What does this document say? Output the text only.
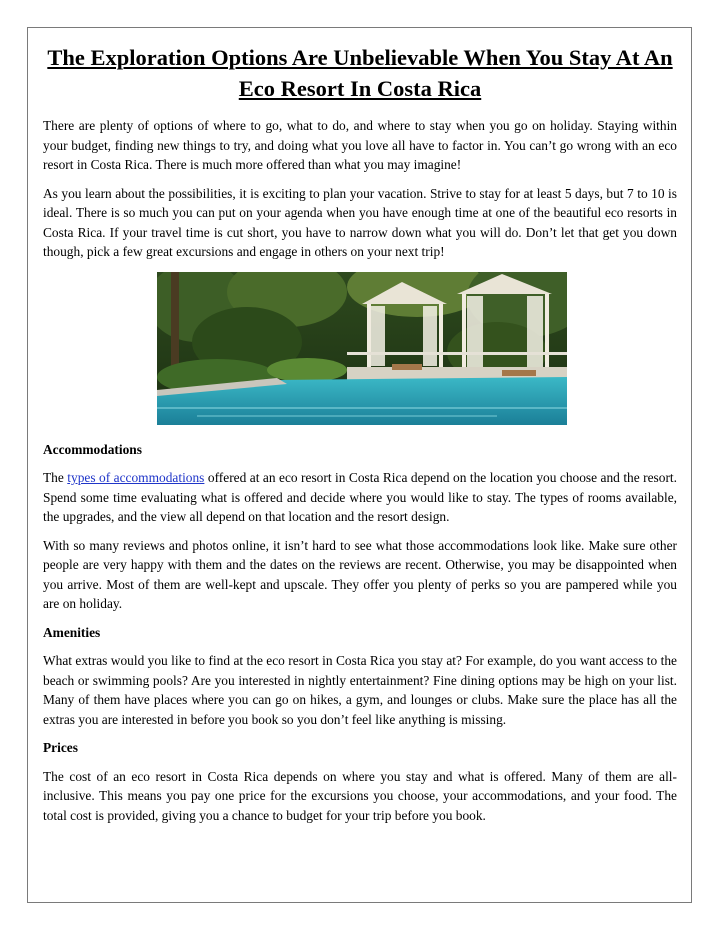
The Exploration Options Are Unbelievable When You Stay At An Eco Resort In Costa Rica

There are plenty of options of where to go, what to do, and where to stay when you go on holiday. Staying within your budget, finding new things to try, and doing what you love all have to factor in. You can’t go wrong with an eco resort in Costa Rica. There is much more offered than what you may imagine!

As you learn about the possibilities, it is exciting to plan your vacation. Strive to stay for at least 5 days, but 7 to 10 is ideal. There is so much you can put on your agenda when you have enough time at one of the beautiful eco resorts in Costa Rica. If your travel time is cut short, you have to narrow down what you will do. Don’t let that get you down though, pick a few great excursions and engage in others on your next trip!

Accommodations

The types of accommodations offered at an eco resort in Costa Rica depend on the location you choose and the resort. Spend some time evaluating what is offered and decide where you would like to stay. The types of rooms available, the upgrades, and the view all depend on that location and the resort design.

With so many reviews and photos online, it isn’t hard to see what those accommodations look like. Make sure other people are very happy with them and the dates on the reviews are recent. Otherwise, you may be disappointed when you arrive. Most of them are well-kept and upscale. They offer you plenty of perks so you are pampered while you are on holiday.

Amenities

What extras would you like to find at the eco resort in Costa Rica you stay at? For example, do you want access to the beach or swimming pools? Are you interested in nightly entertainment? Fine dining options may be high on your list. Many of them have places where you can go on hikes, a gym, and lounges or clubs. Make sure the place has all the extras you are interested in before you book so you don’t feel like anything is missing.

Prices

The cost of an eco resort in Costa Rica depends on where you stay and what is offered. Many of them are all-inclusive. This means you pay one price for the excursions you choose, your accommodations, and your food. The total cost is provided, giving you a chance to budget for your trip before you book.
